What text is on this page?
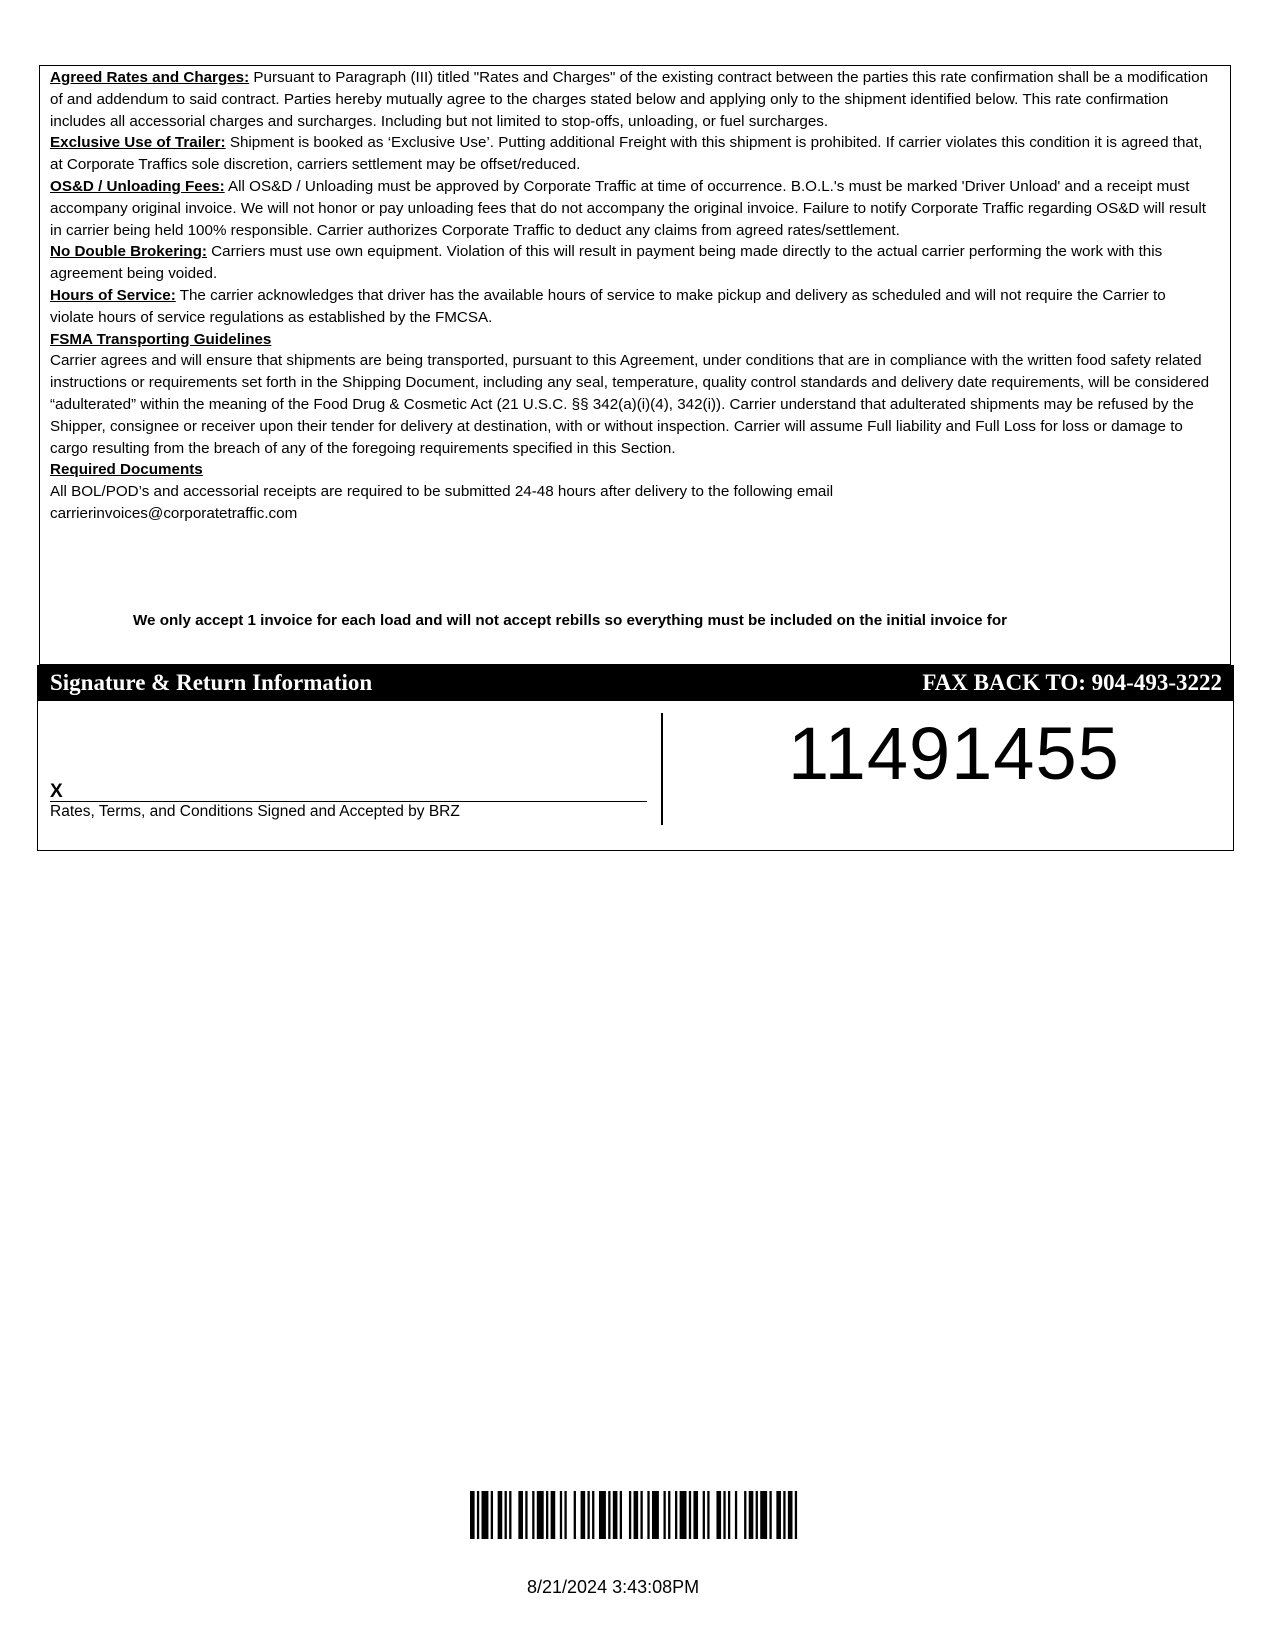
Agreed Rates and Charges: Pursuant to Paragraph (III) titled "Rates and Charges" of the existing contract between the parties this rate confirmation shall be a modification of and addendum to said contract. Parties hereby mutually agree to the charges stated below and applying only to the shipment identified below. This rate confirmation includes all accessorial charges and surcharges. Including but not limited to stop-offs, unloading, or fuel surcharges.

Exclusive Use of Trailer: Shipment is booked as ‘Exclusive Use’. Putting additional Freight with this shipment is prohibited. If carrier violates this condition it is agreed that, at Corporate Traffics sole discretion, carriers settlement may be offset/reduced.

OS&D / Unloading Fees: All OS&D / Unloading must be approved by Corporate Traffic at time of occurrence. B.O.L.'s must be marked 'Driver Unload' and a receipt must accompany original invoice. We will not honor or pay unloading fees that do not accompany the original invoice. Failure to notify Corporate Traffic regarding OS&D will result in carrier being held 100% responsible. Carrier authorizes Corporate Traffic to deduct any claims from agreed rates/settlement.

No Double Brokering: Carriers must use own equipment. Violation of this will result in payment being made directly to the actual carrier performing the work with this agreement being voided.

Hours of Service: The carrier acknowledges that driver has the available hours of service to make pickup and delivery as scheduled and will not require the Carrier to violate hours of service regulations as established by the FMCSA.

FSMA Transporting Guidelines

Carrier agrees and will ensure that shipments are being transported, pursuant to this Agreement, under conditions that are in compliance with the written food safety related instructions or requirements set forth in the Shipping Document, including any seal, temperature, quality control standards and delivery date requirements, will be considered “adulterated” within the meaning of the Food Drug & Cosmetic Act (21 U.S.C. §§ 342(a)(i)(4), 342(i)). Carrier understand that adulterated shipments may be refused by the Shipper, consignee or receiver upon their tender for delivery at destination, with or without inspection. Carrier will assume Full liability and Full Loss for loss or damage to cargo resulting from the breach of any of the foregoing requirements specified in this Section.

Required Documents

All BOL/POD’s and accessorial receipts are required to be submitted 24-48 hours after delivery to the following email

carrierinvoices@corporatetraffic.com

We only accept 1 invoice for each load and will not accept rebills so everything must be included on the initial invoice for
Signature & Return Information	FAX BACK TO: 904-493-3222
X
Rates, Terms, and Conditions Signed and Accepted by BRZ
11491455
8/21/2024 3:43:08PM
